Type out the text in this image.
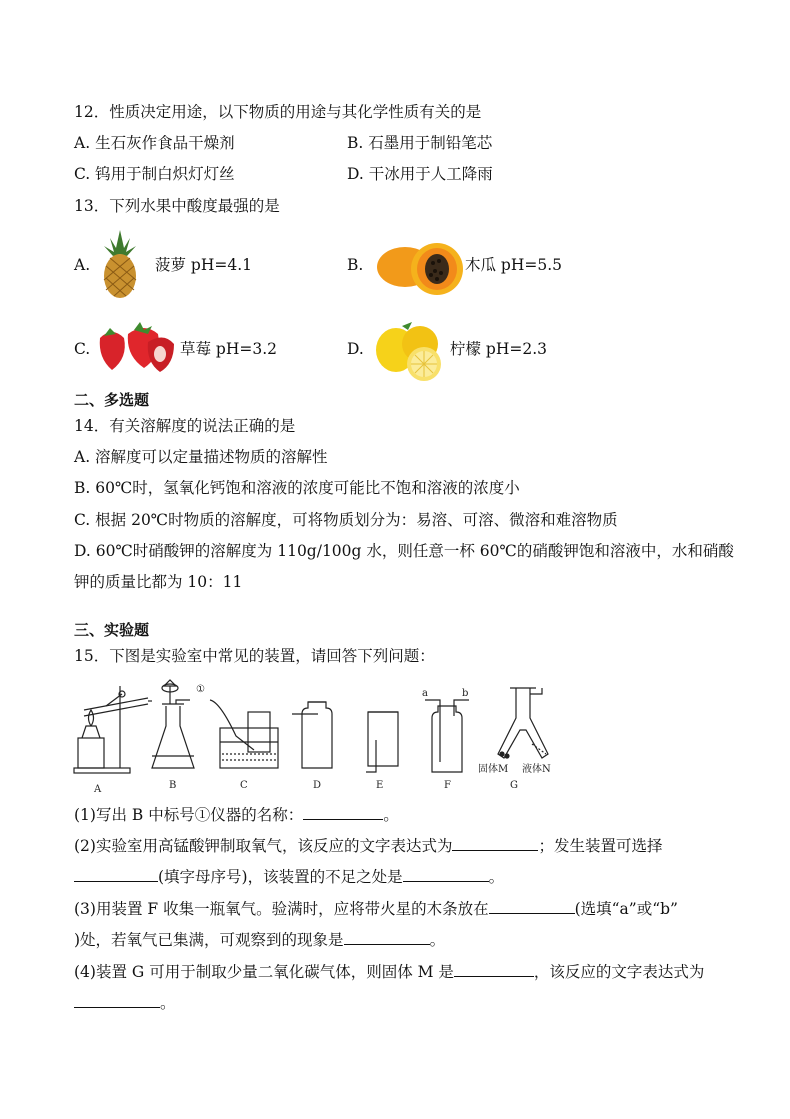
12．性质决定用途，以下物质的用途与其化学性质有关的是
A. 生石灰作食品干燥剂	B. 石墨用于制铅笔芯
C. 钨用于制白炽灯灯丝	D. 干冰用于人工降雨
13．下列水果中酸度最强的是
A.	菠萝 pH=4.1	B.	木瓜 pH=5.5
C.	草莓 pH=3.2	D.	柠檬 pH=2.3
二、多选题
14．有关溶解度的说法正确的是
A. 溶解度可以定量描述物质的溶解性
B. 60℃时，氢氧化钙饱和溶液的浓度可能比不饱和溶液的浓度小
C. 根据 20℃时物质的溶解度，可将物质划分为：易溶、可溶、微溶和难溶物质
D. 60℃时硝酸钾的溶解度为 110g/100g 水，则任意一杯 60℃的硝酸钾饱和溶液中，水和硝酸
钾的质量比都为 10：11
三、实验题
15．下图是实验室中常见的装置，请回答下列问题：
A	B	C	D	E	F	G
①	a	b
固体M 液体N
(1)写出 B 中标号①仪器的名称：	。
(2)实验室用高锰酸钾制取氧气，该反应的文字表达式为	；发生装置可选择
(填字母序号)，该装置的不足之处是	。
(3)用装置 F 收集一瓶氧气。验满时，应将带火星的木条放在	(选填“a”或“b”
)处，若氧气已集满，可观察到的现象是	。
(4)装置 G 可用于制取少量二氧化碳气体，则固体 M 是	，该反应的文字表达式为
。
